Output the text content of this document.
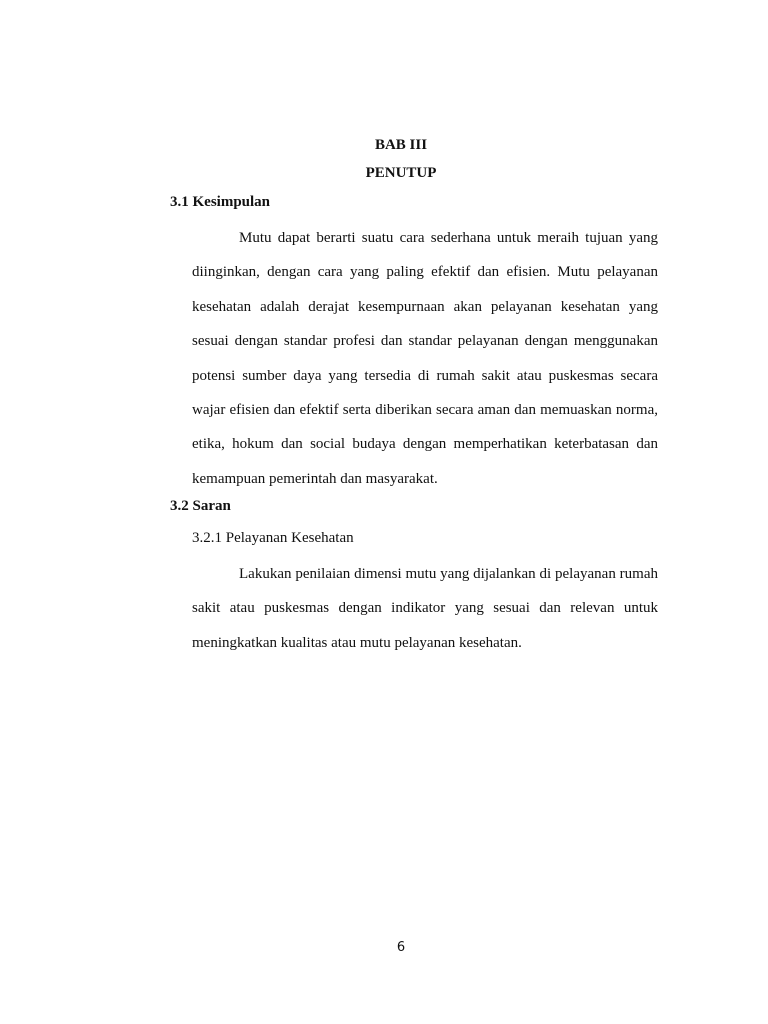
BAB III
PENUTUP
3.1 Kesimpulan

Mutu dapat berarti suatu cara sederhana untuk meraih tujuan yang diinginkan, dengan cara yang paling efektif dan efisien. Mutu pelayanan kesehatan adalah derajat kesempurnaan akan pelayanan kesehatan yang sesuai dengan standar profesi dan standar pelayanan dengan menggunakan potensi sumber daya yang tersedia di rumah sakit atau puskesmas secara wajar efisien dan efektif serta diberikan secara aman dan memuaskan norma, etika, hokum dan social budaya dengan memperhatikan keterbatasan dan kemampuan pemerintah dan masyarakat.

3.2 Saran
3.2.1 Pelayanan Kesehatan

Lakukan penilaian dimensi mutu yang dijalankan di pelayanan rumah sakit atau puskesmas dengan indikator yang sesuai dan relevan untuk meningkatkan kualitas atau mutu pelayanan kesehatan.

6
